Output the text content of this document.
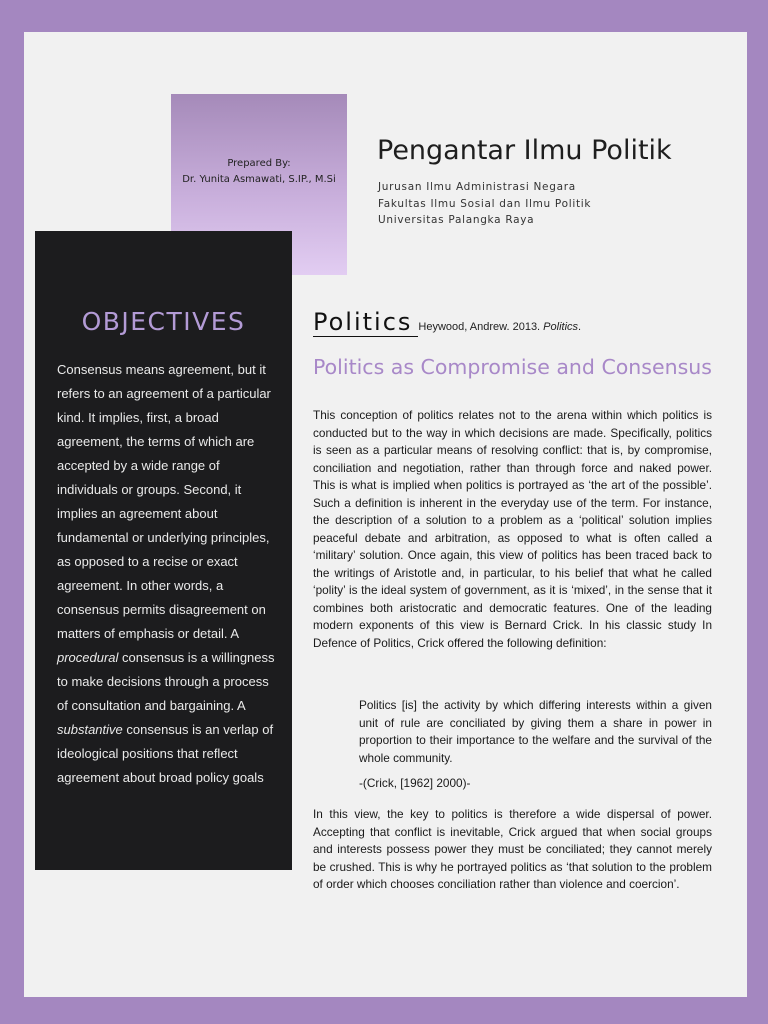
Prepared By:
Dr. Yunita Asmawati, S.IP., M.Si
Pengantar Ilmu Politik
Jurusan Ilmu Administrasi Negara
Fakultas Ilmu Sosial dan Ilmu Politik
Universitas Palangka Raya
OBJECTIVES
Consensus means agreement, but it refers to an agreement of a particular kind. It implies, first, a broad agreement, the terms of which are accepted by a wide range of individuals or groups. Second, it implies an agreement about fundamental or underlying principles, as opposed to a recise or exact agreement. In other words, a consensus permits disagreement on matters of emphasis or detail. A procedural consensus is a willingness to make decisions through a process of consultation and bargaining. A substantive consensus is an verlap of ideological positions that reflect agreement about broad policy goals
Politics Heywood, Andrew. 2013. Politics.
Politics as Compromise and Consensus
This conception of politics relates not to the arena within which politics is conducted but to the way in which decisions are made. Specifically, politics is seen as a particular means of resolving conflict: that is, by compromise, conciliation and negotiation, rather than through force and naked power. This is what is implied when politics is portrayed as ‘the art of the possible’. Such a definition is inherent in the everyday use of the term. For instance, the description of a solution to a problem as a ‘political’ solution implies peaceful debate and arbitration, as opposed to what is often called a ‘military’ solution. Once again, this view of politics has been traced back to the writings of Aristotle and, in particular, to his belief that what he called ‘polity’ is the ideal system of government, as it is ‘mixed’, in the sense that it combines both aristocratic and democratic features. One of the leading modern exponents of this view is Bernard Crick. In his classic study In Defence of Politics, Crick offered the following definition:
Politics [is] the activity by which differing interests within a given unit of rule are conciliated by giving them a share in power in proportion to their importance to the welfare and the survival of the whole community.
-(Crick, [1962] 2000)-
In this view, the key to politics is therefore a wide dispersal of power. Accepting that conflict is inevitable, Crick argued that when social groups and interests possess power they must be conciliated; they cannot merely be crushed. This is why he portrayed politics as ‘that solution to the problem of order which chooses conciliation rather than violence and coercion’.
